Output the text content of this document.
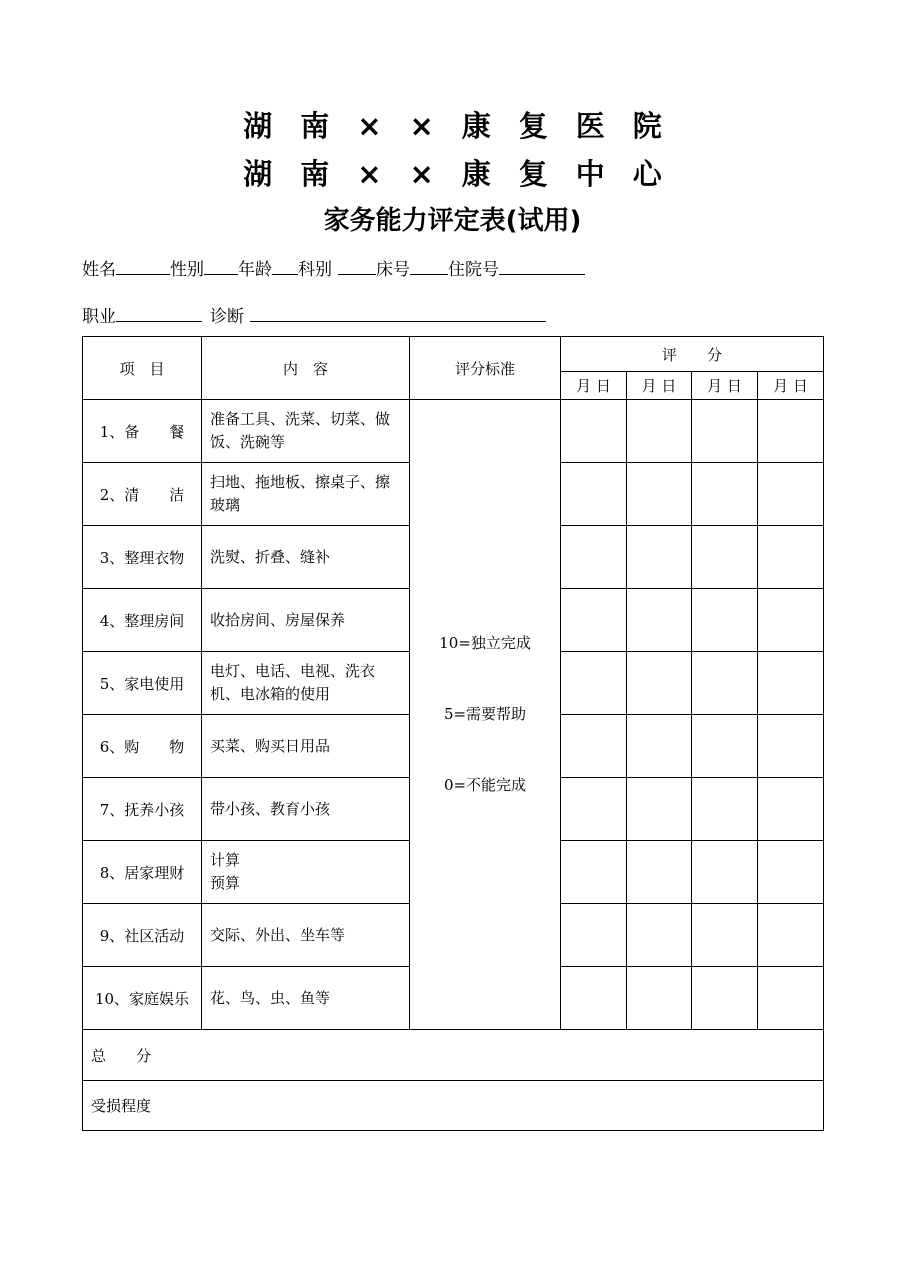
湖南××康复医院
湖南××康复中心
家务能力评定表(试用)
姓名	性别 年龄 科别	床号 住院号
职业	诊断
项　目	内　容	评分标准	评　　分			
			月 日	月 日	月 日	月 日
1、备　　餐	准备工具、洗菜、切菜、做饭、洗碗等	10=独立完成
5=需要帮助
0=不能完成				

2、清　　洁	扫地、拖地板、擦桌子、擦玻璃					
3、整理衣物	洗熨、折叠、缝补					
4、整理房间	收拾房间、房屋保养					
5、家电使用	电灯、电话、电视、洗衣机、电冰箱的使用					
6、购　　物	买菜、购买日用品					
7、抚养小孩	带小孩、教育小孩					
8、居家理财	计算
预算					
9、社区活动	交际、外出、坐车等					
10、家庭娱乐	花、鸟、虫、鱼等					
总　　分						
受损程度						
